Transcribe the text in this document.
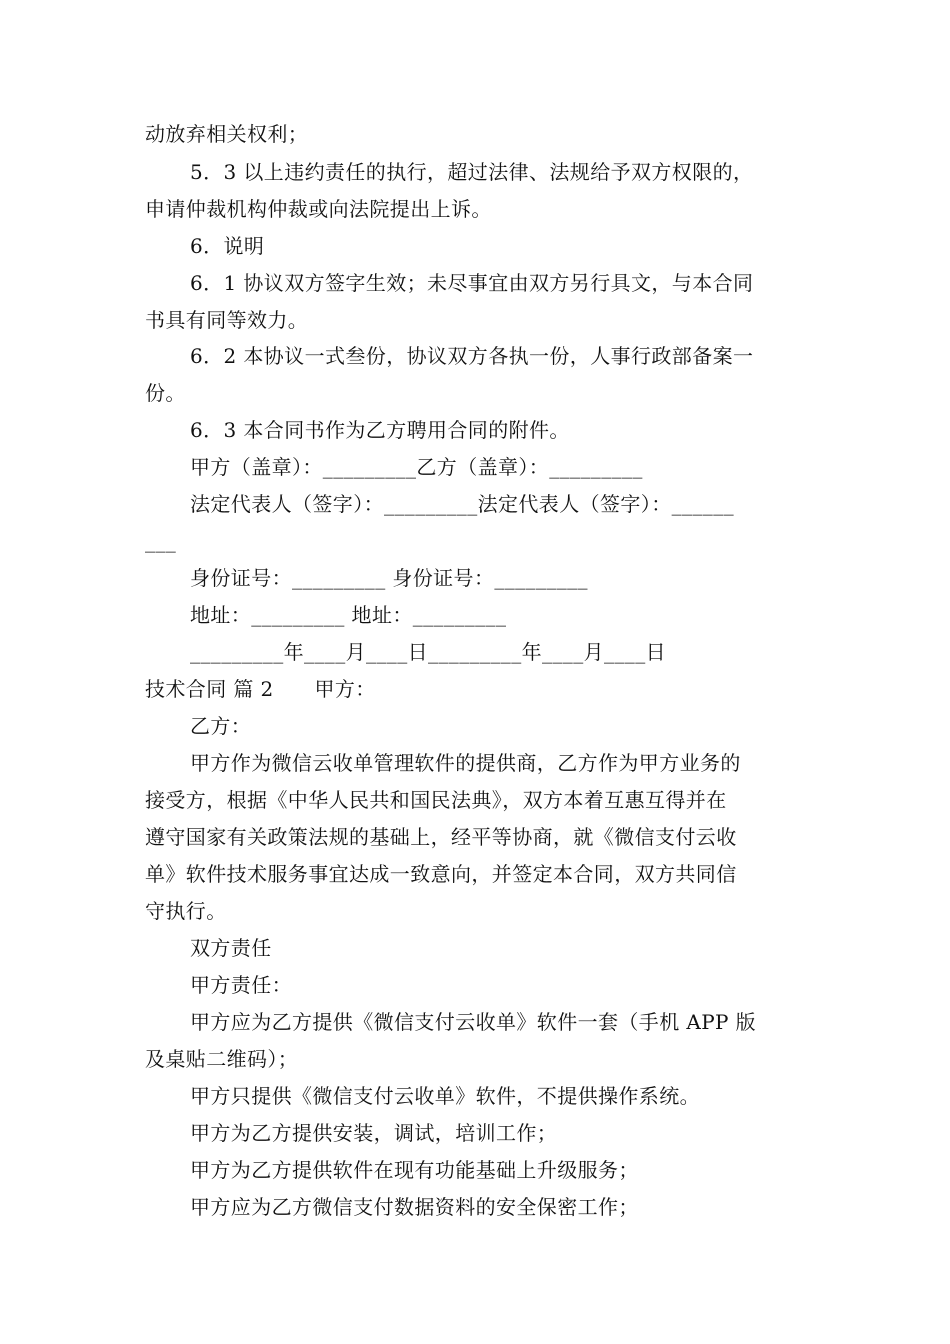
动放弃相关权利；
5．3 以上违约责任的执行，超过法律、法规给予双方权限的，
申请仲裁机构仲裁或向法院提出上诉。
6．说明
6．1 协议双方签字生效；未尽事宜由双方另行具文，与本合同
书具有同等效力。
6．2 本协议一式叁份，协议双方各执一份，人事行政部备案一
份。
6．3 本合同书作为乙方聘用合同的附件。
甲方（盖章）：_________乙方（盖章）：_________
法定代表人（签字）：_________法定代表人（签字）：______
___
身份证号：_________ 身份证号：_________
地址：_________ 地址：_________
_________年____月____日_________年____月____日
技术合同 篇 2　　甲方：
乙方：
甲方作为微信云收单管理软件的提供商，乙方作为甲方业务的
接受方，根据《中华人民共和国民法典》，双方本着互惠互得并在
遵守国家有关政策法规的基础上，经平等协商，就《微信支付云收
单》软件技术服务事宜达成一致意向，并签定本合同，双方共同信
守执行。
双方责任
甲方责任：
甲方应为乙方提供《微信支付云收单》软件一套（手机 APP 版
及桌贴二维码）；
甲方只提供《微信支付云收单》软件，不提供操作系统。
甲方为乙方提供安装，调试，培训工作；
甲方为乙方提供软件在现有功能基础上升级服务；
甲方应为乙方微信支付数据资料的安全保密工作；
